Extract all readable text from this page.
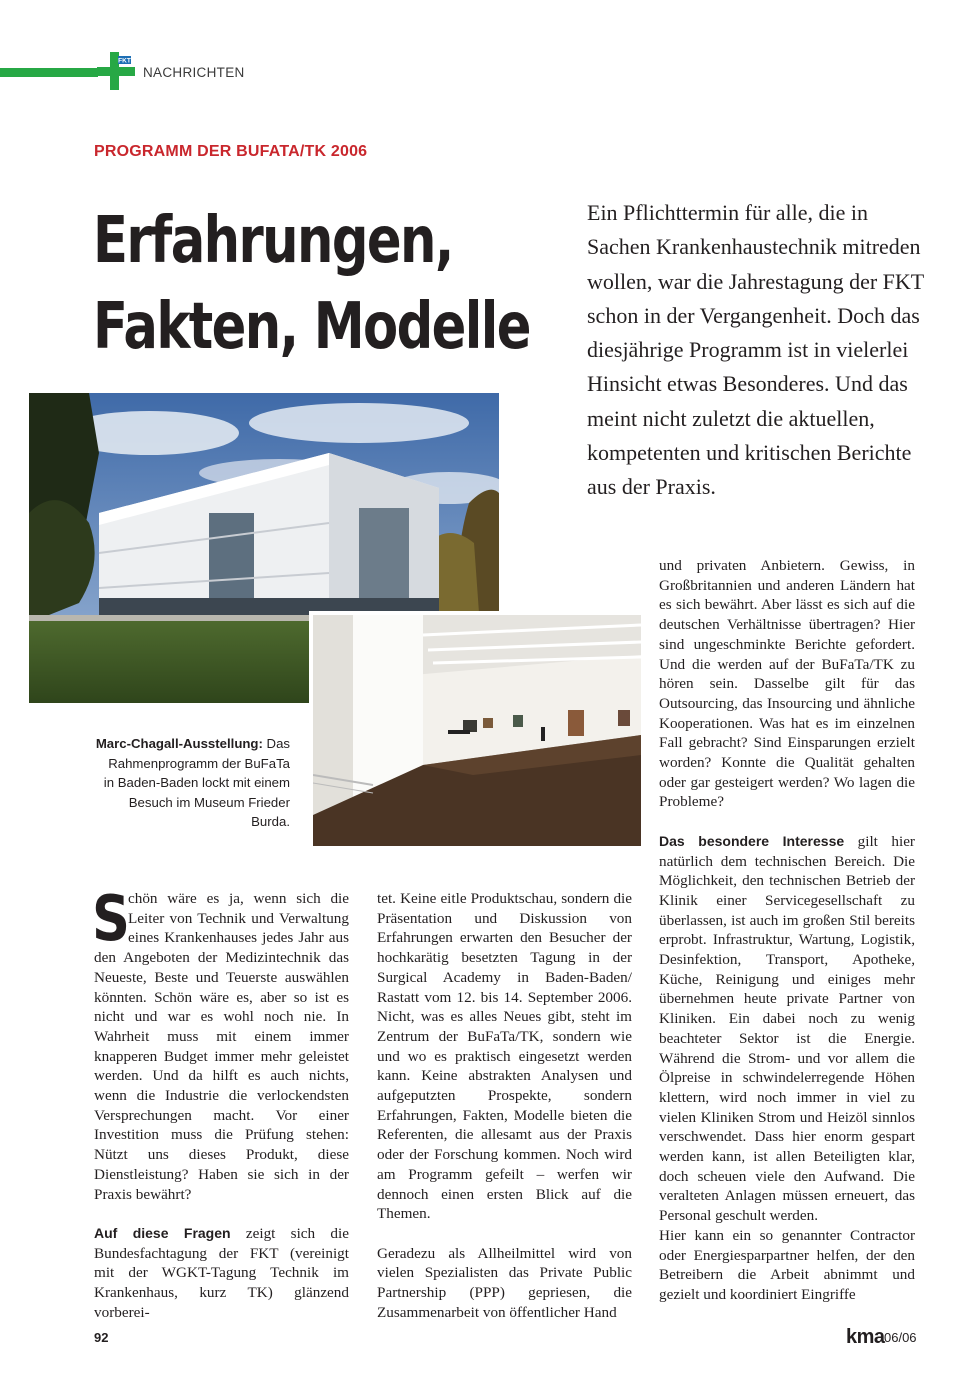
FKT
NACHRICHTEN
PROGRAMM DER BUFATA/TK 2006
Erfahrungen,
Fakten, Modelle
Ein Pflichttermin für alle, die in Sachen Krankenhaustechnik mitreden wollen, war die Jahrestagung der FKT schon in der Vergangenheit. Doch das diesjährige Programm ist in vielerlei Hinsicht etwas Besonderes. Und das meint nicht zuletzt die aktuellen, kompetenten und kritischen Berichte aus der Praxis.
Marc-Chagall-Ausstellung: Das Rahmenprogramm der BuFaTa in Baden-Baden lockt mit einem Besuch im Museum Frieder Burda.

S
chön wäre es ja, wenn sich die Leiter von Technik und Verwaltung eines Krankenhauses jedes Jahr aus den Angeboten der Medizintechnik das Neueste, Beste und Teuerste auswählen könnten. Schön wäre es, aber so ist es nicht und war es wohl noch nie. In Wahrheit muss mit einem immer knapperen Budget immer mehr geleistet werden. Und da hilft es auch nichts, wenn die Industrie die verlockendsten Versprechungen macht. Vor einer Investition muss die Prüfung stehen: Nützt uns dieses Produkt, diese Dienstleistung? Haben sie sich in der Praxis bewährt?

Auf diese Fragen zeigt sich die Bundesfachtagung der FKT (vereinigt mit der WGKT-Tagung Technik im Krankenhaus, kurz TK) glänzend vorberei-

tet. Keine eitle Produktschau, sondern die Präsentation und Diskussion von Erfahrungen erwarten den Besucher der hochkarätig besetzten Tagung in der Surgical Academy in Baden-Baden/ Rastatt vom 12. bis 14. September 2006. Nicht, was es alles Neues gibt, steht im Zentrum der BuFaTa/TK, sondern wie und wo es praktisch eingesetzt werden kann. Keine abstrakten Analysen und aufgeputzten Prospekte, sondern Erfahrungen, Fakten, Modelle bieten die Referenten, die allesamt aus der Praxis oder der Forschung kommen. Noch wird am Programm gefeilt – werfen wir dennoch einen ersten Blick auf die Themen.

Geradezu als Allheilmittel wird von vielen Spezialisten das Private Public Partnership (PPP) gepriesen, die Zusammenarbeit von öffentlicher Hand

und privaten Anbietern. Gewiss, in Großbritannien und anderen Ländern hat es sich bewährt. Aber lässt es sich auf die deutschen Verhältnisse übertragen? Hier sind ungeschminkte Berichte gefordert. Und die werden auf der BuFaTa/TK zu hören sein. Dasselbe gilt für das Outsourcing, das Insourcing und ähnliche Kooperationen. Was hat es im einzelnen Fall gebracht? Sind Einsparungen erzielt worden? Konnte die Qualität gehalten oder gar gesteigert werden? Wo lagen die Probleme?

Das besondere Interesse gilt hier natürlich dem technischen Bereich. Die Möglichkeit, den technischen Betrieb der Klinik einer Servicegesellschaft zu überlassen, ist auch im großen Stil bereits erprobt. Infrastruktur, Wartung, Logistik, Desinfektion, Transport, Apotheke, Küche, Reinigung und einiges mehr übernehmen heute private Partner von Kliniken. Ein dabei noch zu wenig beachteter Sektor ist die Energie. Während die Strom- und vor allem die Ölpreise in schwindelerregende Höhen klettern, wird noch immer in viel zu vielen Kliniken Strom und Heizöl sinnlos verschwendet. Dass hier enorm gespart werden kann, ist allen Beteiligten klar, doch scheuen viele den Aufwand. Die veralteten Anlagen müssen erneuert, das Personal geschult werden.

Hier kann ein so genannter Contractor oder Energiesparpartner helfen, der den Betreibern die Arbeit abnimmt und gezielt und koordiniert Eingriffe

92	kma 06/06
